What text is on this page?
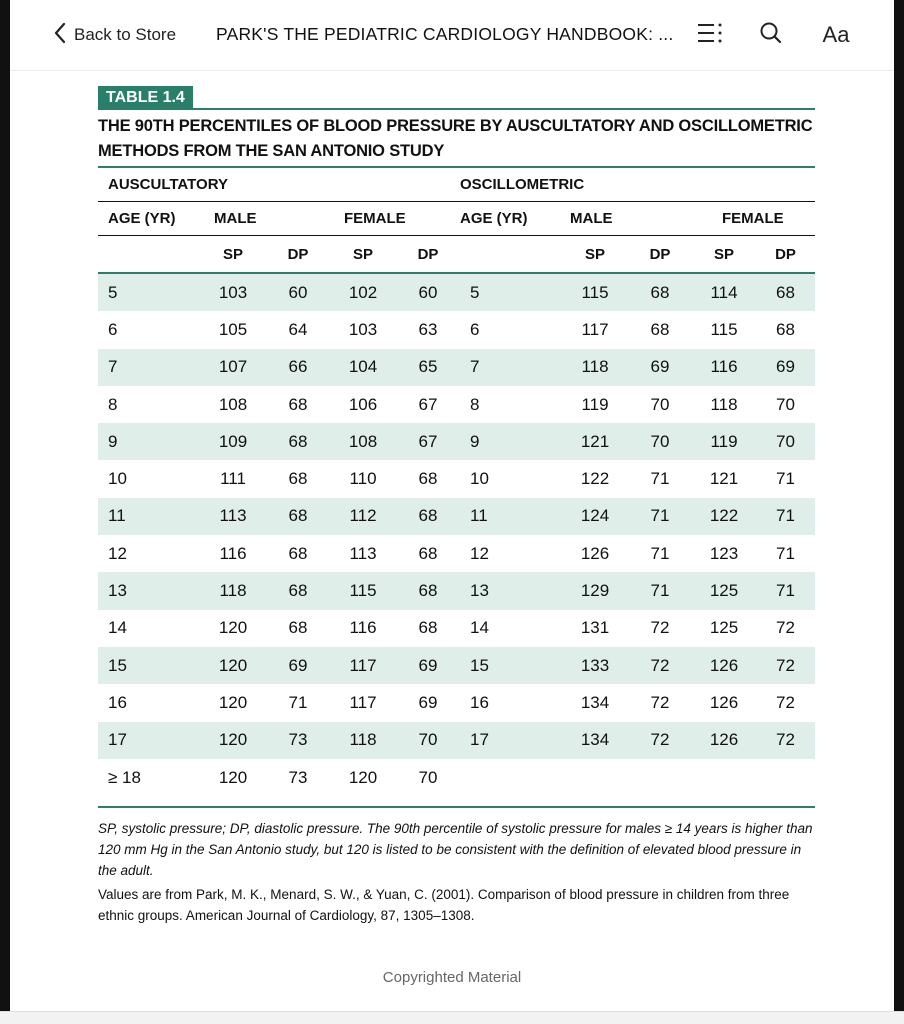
Back to Store PARK'S THE PEDIATRIC CARDIOLOGY HANDBOOK: ...	Aa
TABLE 1.4
THE 90TH PERCENTILES OF BLOOD PRESSURE BY AUSCULTATORY AND OSCILLOMETRIC METHODS FROM THE SAN ANTONIO STUDY
AUSCULTATORY					OSCILLOMETRIC				
AGE (YR)	MALE		FEMALE		AGE (YR)	MALE		FEMALE	
	SP	DP	SP	DP		SP	DP	SP	DP
5	103	60	102	60	5	115	68	114	68
6	105	64	103	63	6	117	68	115	68
7	107	66	104	65	7	118	69	116	69
8	108	68	106	67	8	119	70	118	70
9	109	68	108	67	9	121	70	119	70
10	111	68	110	68	10	122	71	121	71
11	113	68	112	68	11	124	71	122	71
12	116	68	113	68	12	126	71	123	71
13	118	68	115	68	13	129	71	125	71
14	120	68	116	68	14	131	72	125	72
15	120	69	117	69	15	133	72	126	72
16	120	71	117	69	16	134	72	126	72
17	120	73	118	70	17	134	72	126	72
≥ 18	120	73	120	70					
SP, systolic pressure; DP, diastolic pressure. The 90th percentile of systolic pressure for males ≥ 14 years is higher than 120 mm Hg in the San Antonio study, but 120 is listed to be consistent with the definition of elevated blood pressure in the adult.
Values are from Park, M. K., Menard, S. W., & Yuan, C. (2001). Comparison of blood pressure in children from three ethnic groups. American Journal of Cardiology, 87, 1305–1308.
Copyrighted Material
